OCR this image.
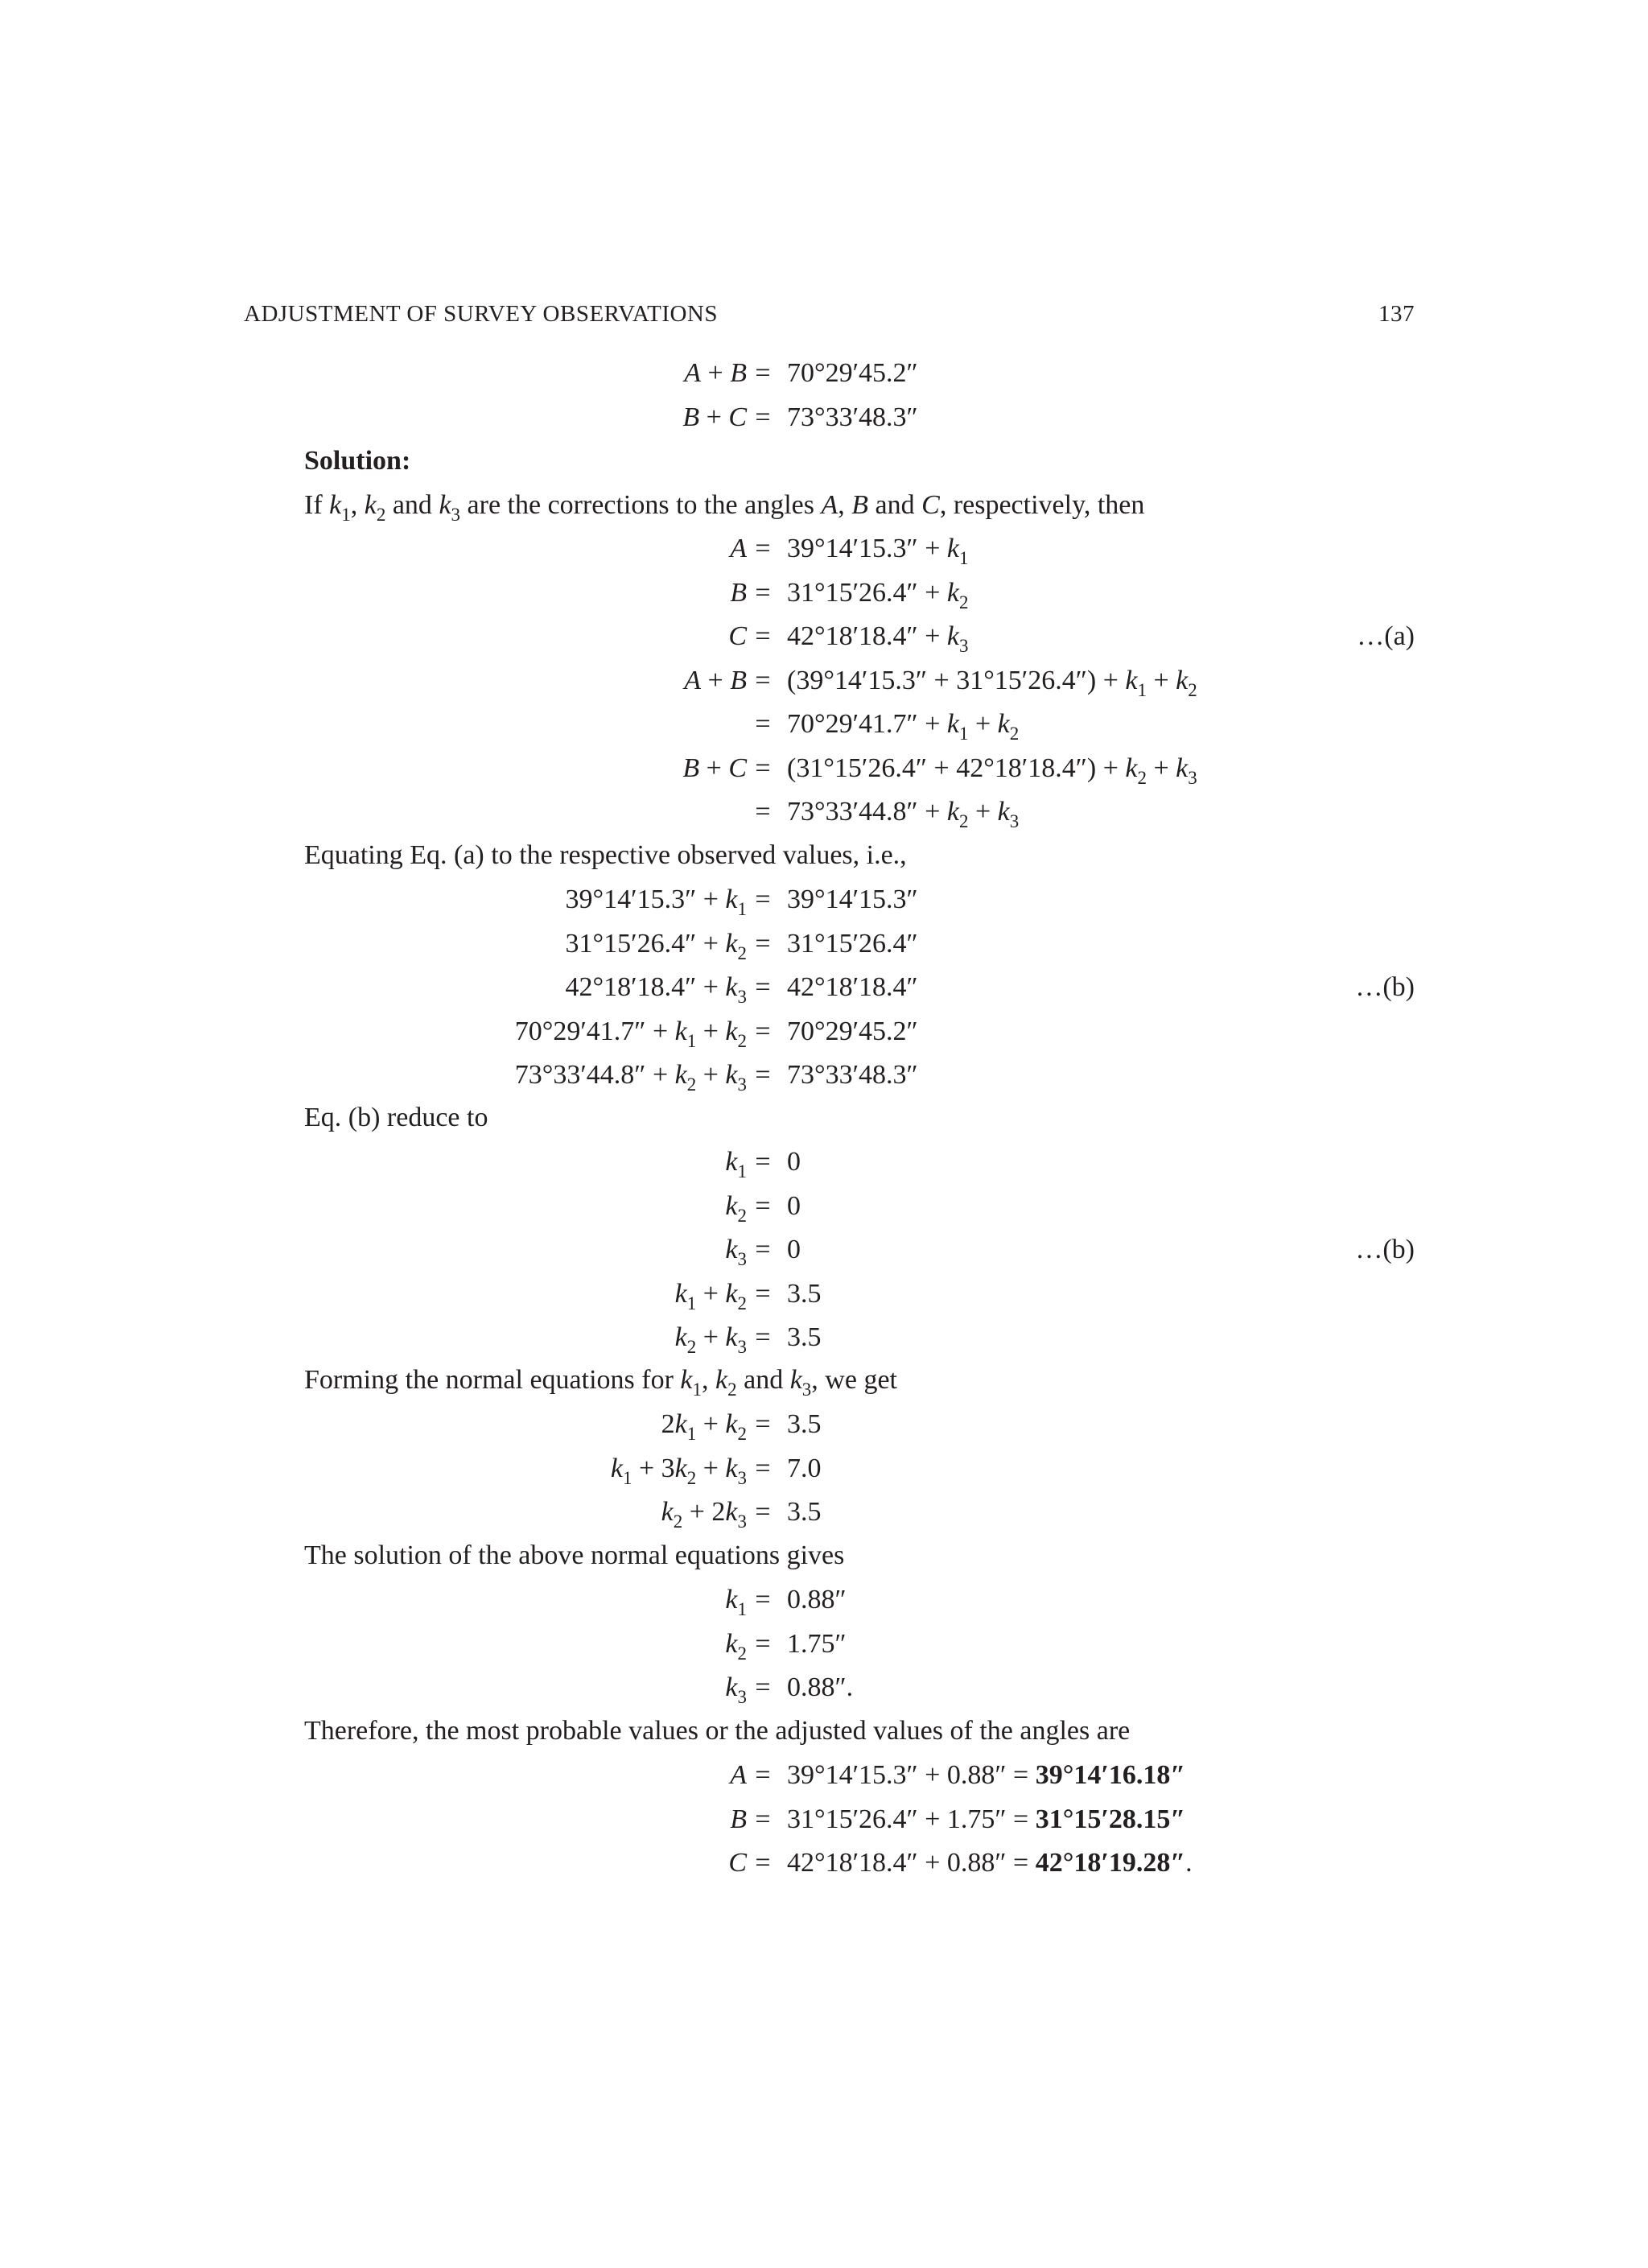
ADJUSTMENT OF SURVEY OBSERVATIONS	137
A + B = 70°29′45.2″
B + C = 73°33′48.3″
Solution:
If $k_1$, $k_2$ and $k_3$ are the corrections to the angles A, B and C, respectively, then
$A = 39^\circ 14'15.3'' + k_1$
$B = 31^\circ 15'26.4'' + k_2$
$C = 42^\circ 18'18.4'' + k_3$	…(a)
$A + B = (39^\circ 14'15.3'' + 31^\circ 15'26.4'') + k_1 + k_2$
= $70^\circ 29'41.7'' + k_1 + k_2$
$B + C = (31^\circ 15'26.4'' + 42^\circ 18'18.4'') + k_2 + k_3$
= $73^\circ 33'44.8'' + k_2 + k_3$
Equating Eq. (a) to the respective observed values, i.e.,
$39^\circ 14'15.3'' + k_1 = 39^\circ 14'15.3''$
$31^\circ 15'26.4'' + k_2 = 31^\circ 15'26.4''$
$42^\circ 18'18.4'' + k_3 = 42^\circ 18'18.4''$	…(b)
$70^\circ 29'41.7'' + k_1 + k_2 = 70^\circ 29'45.2''$
$73^\circ 33'44.8'' + k_2 + k_3 = 73^\circ 33'48.3''$
Eq. (b) reduce to
$k_1 = 0$
$k_2 = 0$
$k_3 = 0$	…(b)
$k_1 + k_2 = 3.5$
$k_2 + k_3 = 3.5$
Forming the normal equations for $k_1$, $k_2$ and $k_3$, we get
$2k_1 + k_2 = 3.5$
$k_1 + 3k_2 + k_3 = 7.0$
$k_2 + 2k_3 = 3.5$
The solution of the above normal equations gives
$k_1 = 0.88''$
$k_2 = 1.75''$
$k_3 = 0.88''$.
Therefore, the most probable values or the adjusted values of the angles are
A = 39°14′15.3″ + 0.88″ = 39°14′16.18″
B = 31°15′26.4″ + 1.75″ = 31°15′28.15″
C = 42°18′18.4″ + 0.88″ = 42°18′19.28″.
